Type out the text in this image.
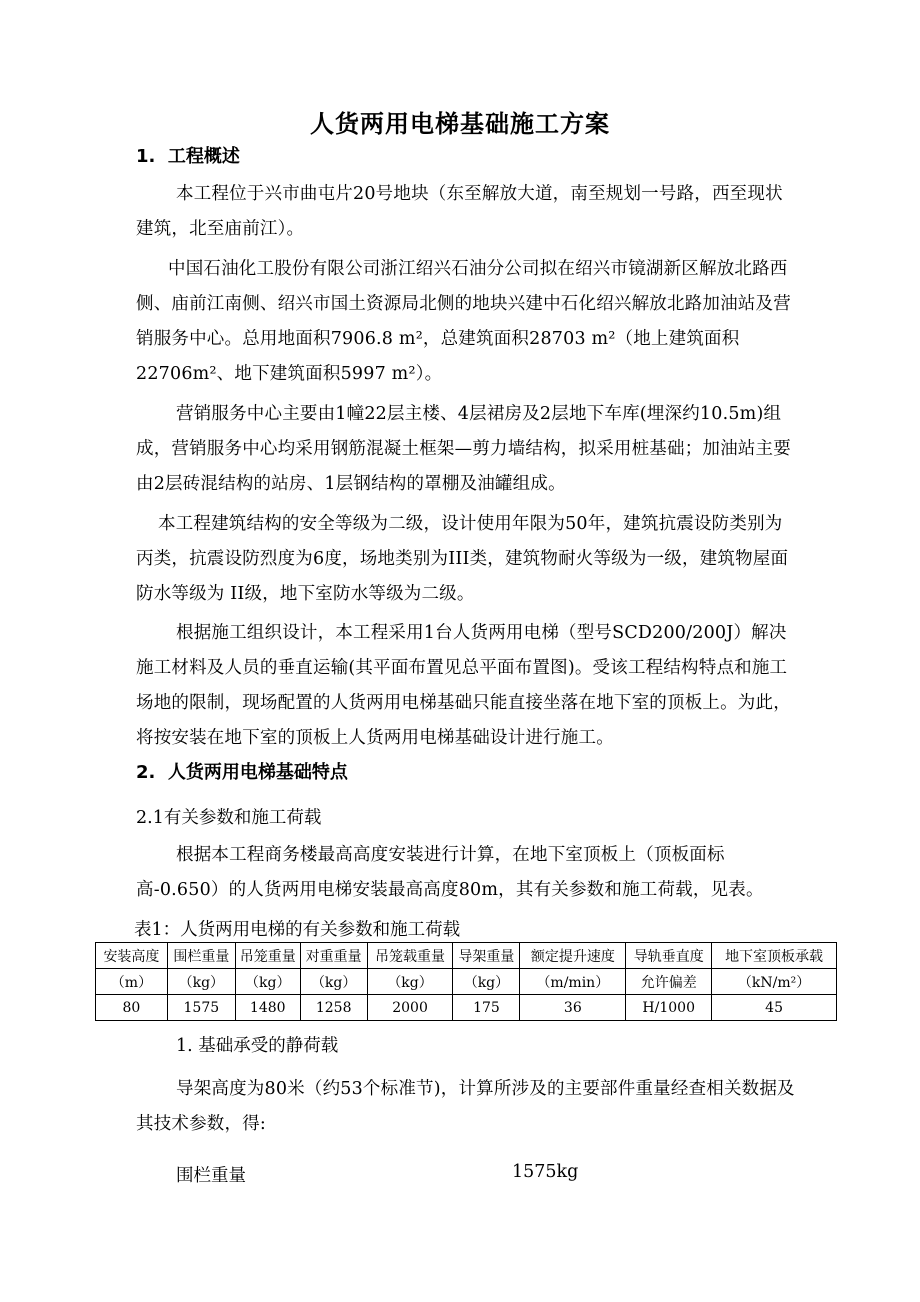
人货两用电梯基础施工方案
1.  工程概述
本工程位于兴市曲屯片20号地块（东至解放大道，南至规划一号路，西至现状建筑，北至庙前江）。
中国石油化工股份有限公司浙江绍兴石油分公司拟在绍兴市镜湖新区解放北路西侧、庙前江南侧、绍兴市国土资源局北侧的地块兴建中石化绍兴解放北路加油站及营销服务中心。总用地面积7906.8 m²，总建筑面积28703 m²（地上建筑面积22706m²、地下建筑面积5997 m²）。
营销服务中心主要由1幢22层主楼、4层裙房及2层地下车库(埋深约10.5m)组成，营销服务中心均采用钢筋混凝土框架—剪力墙结构，拟采用桩基础；加油站主要由2层砖混结构的站房、1层钢结构的罩棚及油罐组成。
本工程建筑结构的安全等级为二级，设计使用年限为50年，建筑抗震设防类别为丙类，抗震设防烈度为6度，场地类别为III类，建筑物耐火等级为一级，建筑物屋面防水等级为 II级，地下室防水等级为二级。
根据施工组织设计，本工程采用1台人货两用电梯（型号SCD200/200J）解决施工材料及人员的垂直运输(其平面布置见总平面布置图)。受该工程结构特点和施工场地的限制，现场配置的人货两用电梯基础只能直接坐落在地下室的顶板上。为此，将按安装在地下室的顶板上人货两用电梯基础设计进行施工。
2.  人货两用电梯基础特点
2.1有关参数和施工荷载
根据本工程商务楼最高高度安装进行计算，在地下室顶板上（顶板面标高-0.650）的人货两用电梯安装最高高度80m，其有关参数和施工荷载，见表。
表1：人货两用电梯的有关参数和施工荷载
安装高度	围栏重量	吊笼重量	对重重量	吊笼载重量	导架重量	额定提升速度	导轨垂直度	地下室顶板承载
（m）	（kg）	（kg）	（kg）	（kg）	（kg）	（m/min）	允许偏差	（kN/m²）
80	1575	1480	1258	2000	175	36	H/1000	45
1. 基础承受的静荷载
导架高度为80米（约53个标准节)，计算所涉及的主要部件重量经查相关数据及其技术参数，得:
围栏重量	1575kg
